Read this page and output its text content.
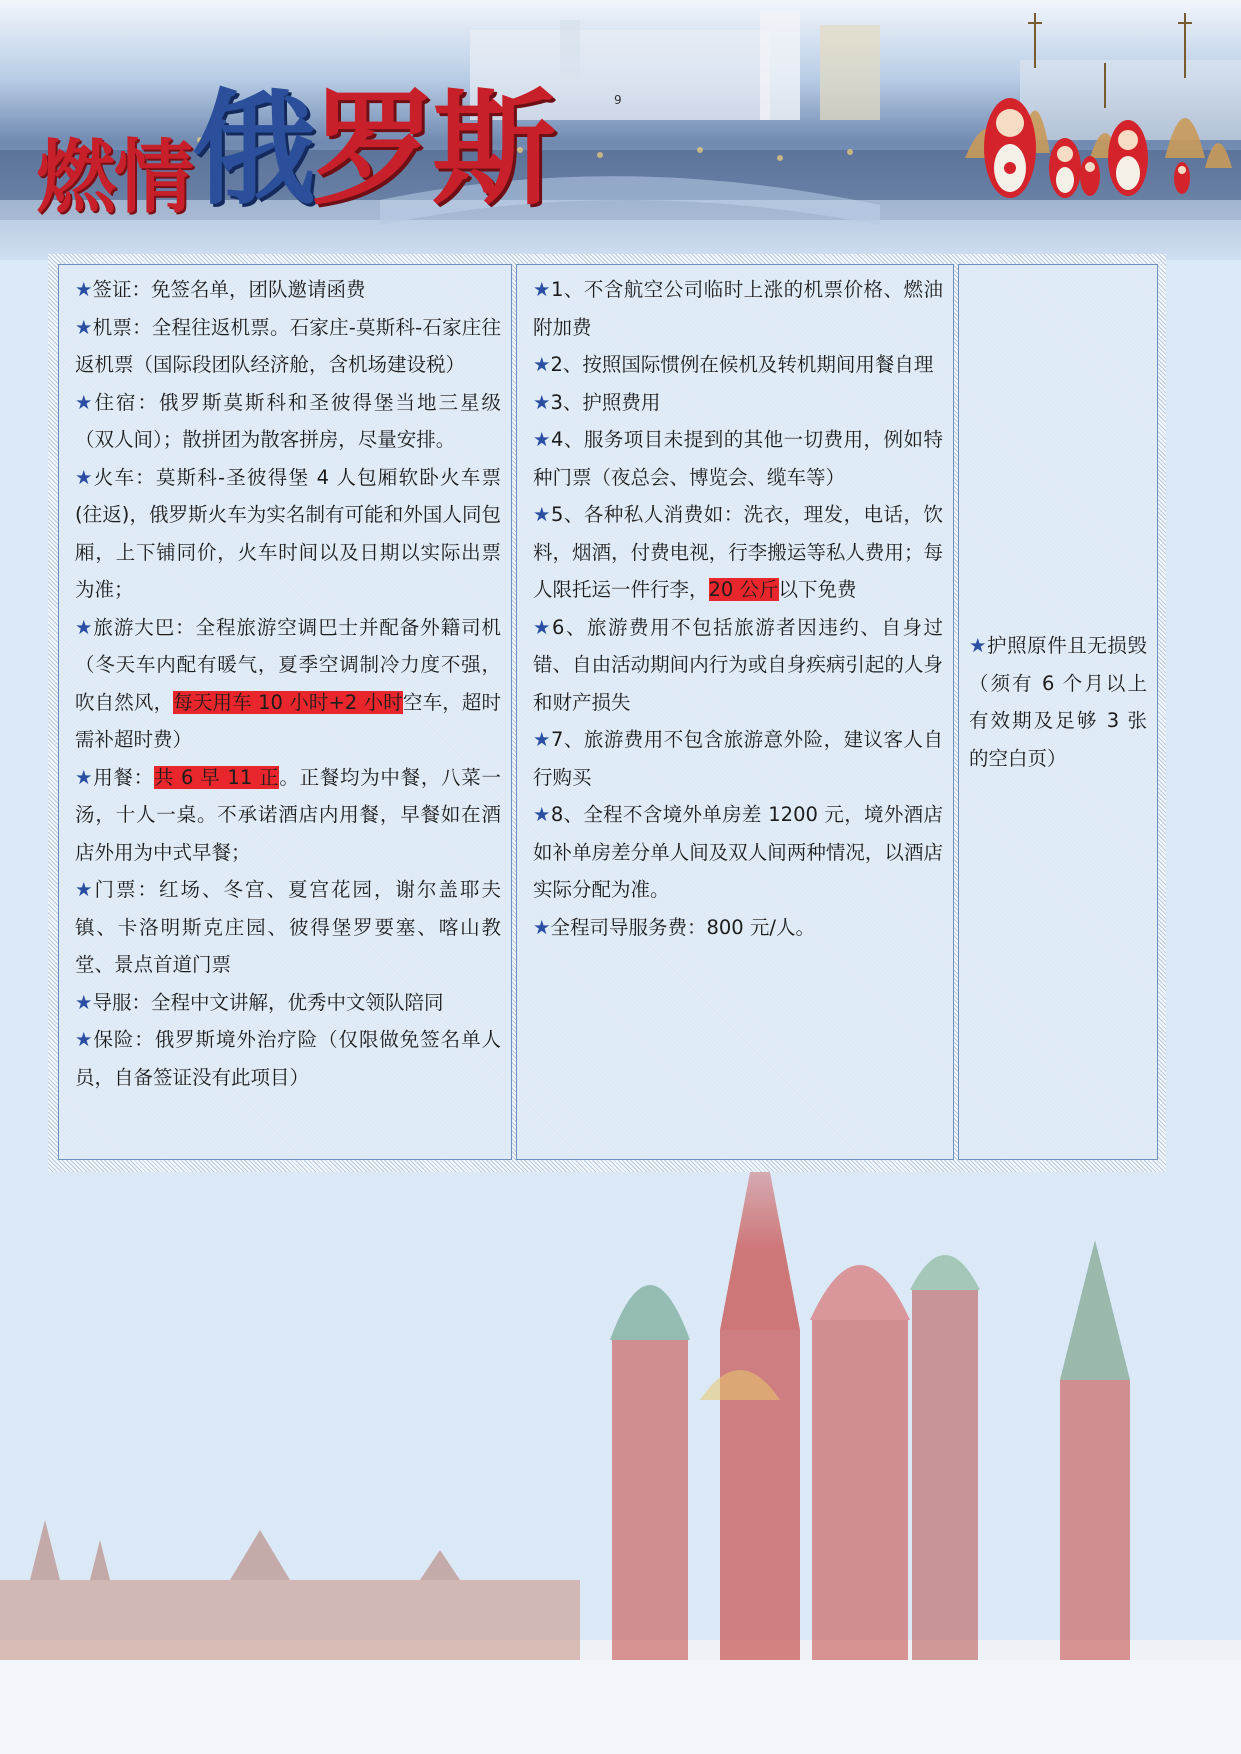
燃情俄罗斯	9
★签证：免签名单，团队邀请函费
★机票：全程往返机票。石家庄-莫斯科-石家庄往返机票（国际段团队经济舱，含机场建设税）
★住宿：俄罗斯莫斯科和圣彼得堡当地三星级（双人间）；散拼团为散客拼房，尽量安排。
★火车：莫斯科-圣彼得堡 4 人包厢软卧火车票(往返)，俄罗斯火车为实名制有可能和外国人同包厢，上下铺同价，火车时间以及日期以实际出票为准；
★旅游大巴：全程旅游空调巴士并配备外籍司机（冬天车内配有暖气，夏季空调制冷力度不强，吹自然风，每天用车 10 小时+2 小时空车，超时需补超时费）
★用餐：共 6 早 11 正。正餐均为中餐，八菜一汤，十人一桌。不承诺酒店内用餐，早餐如在酒店外用为中式早餐；
★门票：红场、冬宫、夏宫花园，谢尔盖耶夫镇、卡洛明斯克庄园、彼得堡罗要塞、喀山教堂、景点首道门票
★导服：全程中文讲解，优秀中文领队陪同
★保险：俄罗斯境外治疗险（仅限做免签名单人员，自备签证没有此项目）
★1、不含航空公司临时上涨的机票价格、燃油附加费
★2、按照国际惯例在候机及转机期间用餐自理
★3、护照费用
★4、服务项目未提到的其他一切费用，例如特种门票（夜总会、博览会、缆车等）
★5、各种私人消费如：洗衣，理发，电话，饮料，烟酒，付费电视，行李搬运等私人费用；每人限托运一件行李，20 公斤以下免费
★6、旅游费用不包括旅游者因违约、自身过错、自由活动期间内行为或自身疾病引起的人身和财产损失
★7、旅游费用不包含旅游意外险，建议客人自行购买
★8、全程不含境外单房差 1200 元，境外酒店如补单房差分单人间及双人间两种情况，以酒店实际分配为准。
★全程司导服务费：800 元/人。
★护照原件且无损毁（须有 6 个月以上有效期及足够 3 张的空白页）
